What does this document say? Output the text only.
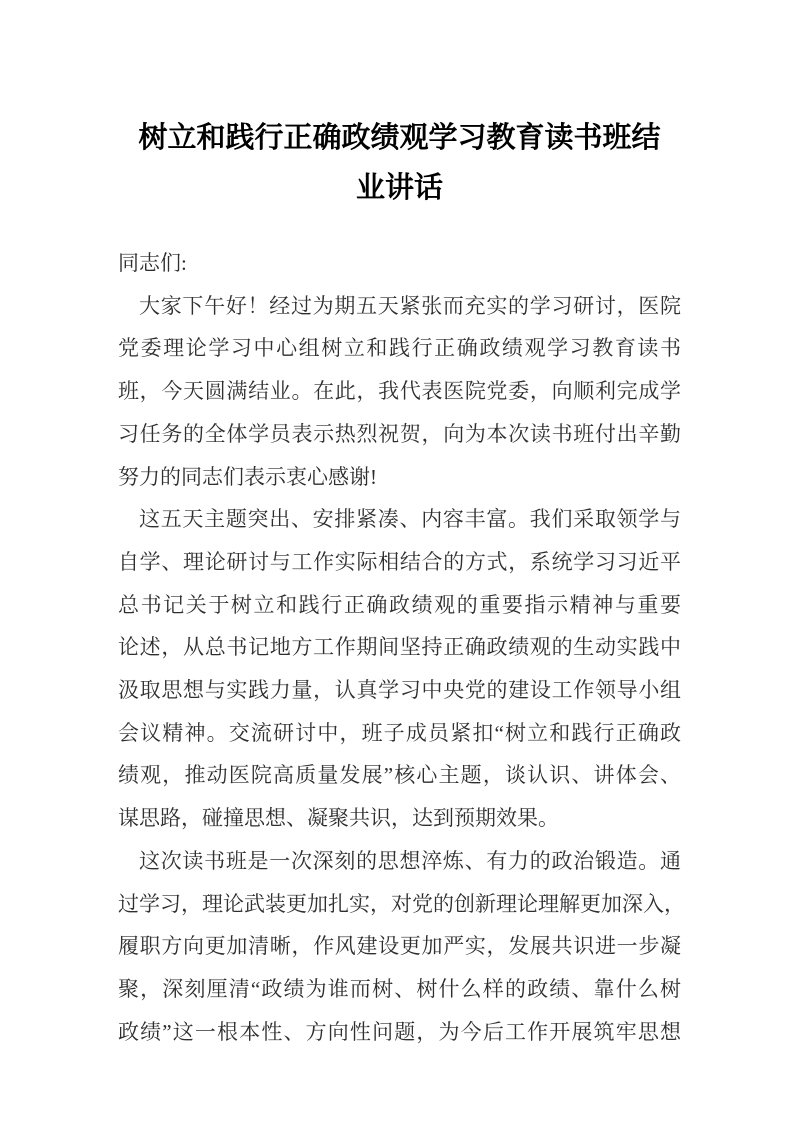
树立和践行正确政绩观学习教育读书班结
业讲话
同志们:
大家下午好！经过为期五天紧张而充实的学习研讨，医院
党委理论学习中心组树立和践行正确政绩观学习教育读书
班，今天圆满结业。在此，我代表医院党委，向顺利完成学
习任务的全体学员表示热烈祝贺，向为本次读书班付出辛勤
努力的同志们表示衷心感谢!
这五天主题突出、安排紧凑、内容丰富。我们采取领学与
自学、理论研讨与工作实际相结合的方式，系统学习习近平
总书记关于树立和践行正确政绩观的重要指示精神与重要
论述，从总书记地方工作期间坚持正确政绩观的生动实践中
汲取思想与实践力量，认真学习中央党的建设工作领导小组
会议精神。交流研讨中，班子成员紧扣“树立和践行正确政
绩观，推动医院高质量发展”核心主题，谈认识、讲体会、
谋思路，碰撞思想、凝聚共识，达到预期效果。
这次读书班是一次深刻的思想淬炼、有力的政治锻造。通
过学习，理论武装更加扎实，对党的创新理论理解更加深入，
履职方向更加清晰，作风建设更加严实，发展共识进一步凝
聚，深刻厘清“政绩为谁而树、树什么样的政绩、靠什么树
政绩”这一根本性、方向性问题，为今后工作开展筑牢思想
